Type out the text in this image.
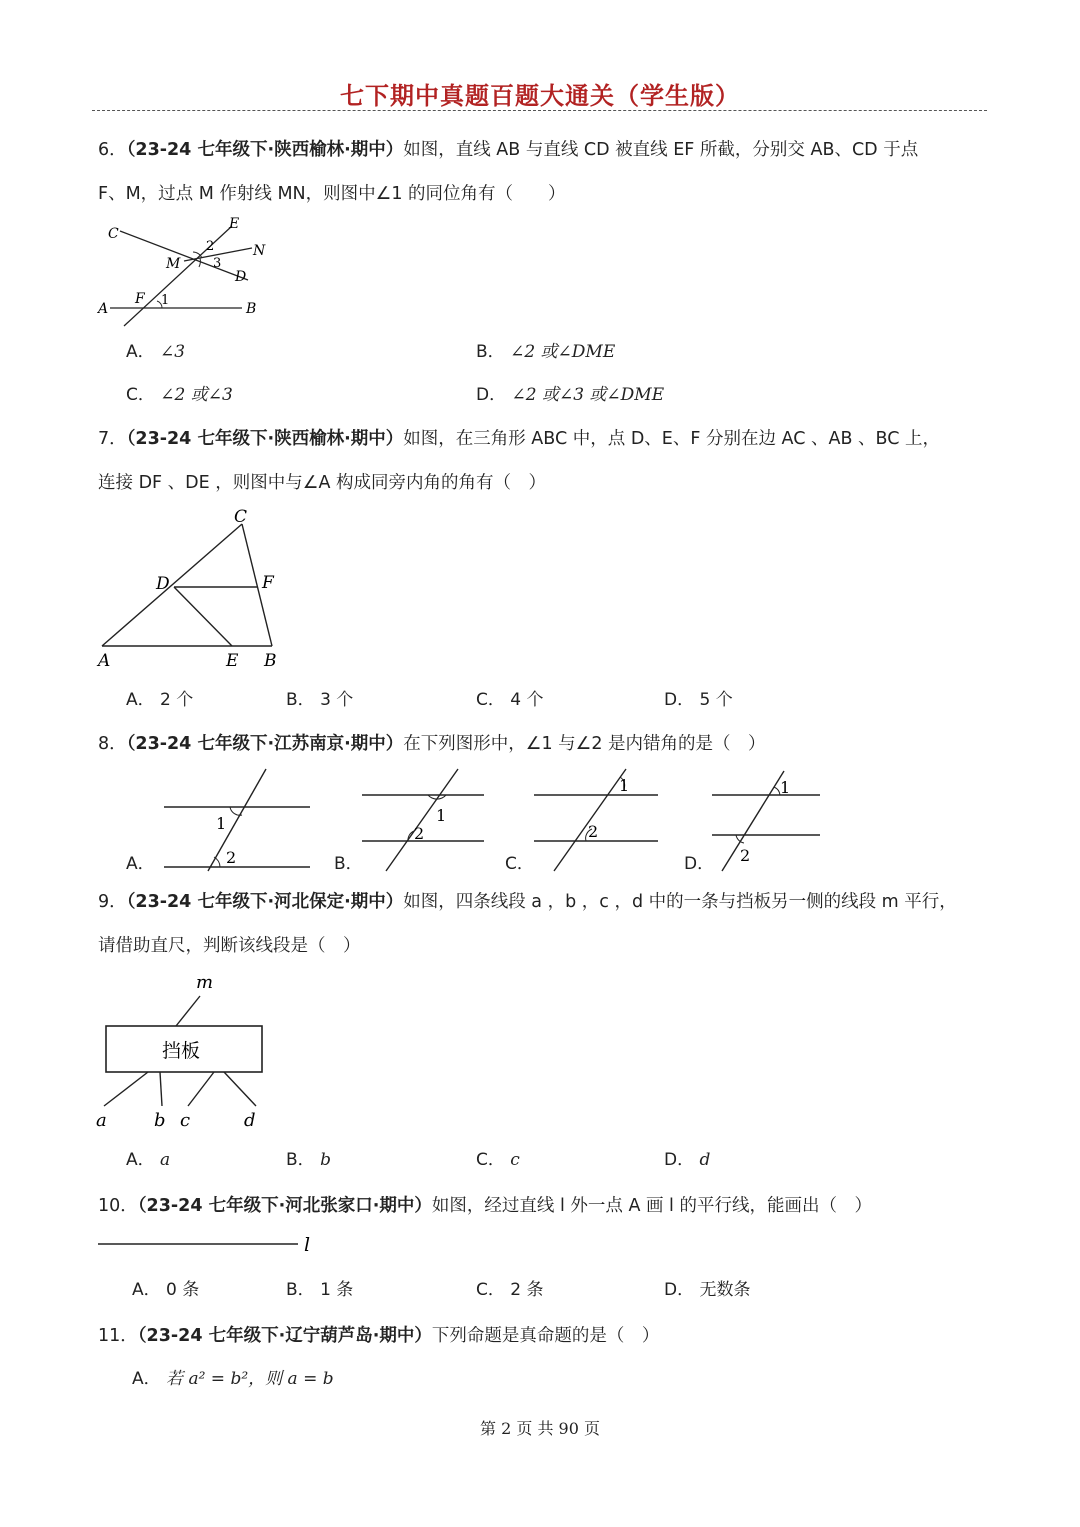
七下期中真题百题大通关（学生版）
6．（23-24 七年级下·陕西榆林·期中）如图，直线 AB 与直线 CD 被直线 EF 所截，分别交 AB、CD 于点
F、M，过点 M 作射线 MN，则图中∠1 的同位角有（　　）
C
E
N
M
D
A
F
B
1
2
3
A． ∠3	B． ∠2 或∠DME
C． ∠2 或∠3	D． ∠2 或∠3 或∠DME
7．（23-24 七年级下·陕西榆林·期中）如图，在三角形 ABC 中，点 D、E、F 分别在边 AC 、AB 、BC 上，
连接 DF 、DE ，则图中与∠A 构成同旁内角的角有（　）
C
D	F
A	E B
A． 2 个	B． 3 个	C． 4 个	D． 5 个
8．（23-24 七年级下·江苏南京·期中）在下列图形中，∠1 与∠2 是内错角的是（　）
A．
1
2	B．
1
2
C．
1
2
D．
1
2
9．（23-24 七年级下·河北保定·期中）如图，四条线段 a ，b ，c ，d 中的一条与挡板另一侧的线段 m 平行，
请借助直尺，判断该线段是（　）
m
挡板
a	b c	d
A． a	B． b	C． c	D． d
10．（23-24 七年级下·河北张家口·期中）如图，经过直线 l 外一点 A 画 l 的平行线，能画出（　）
l
A． 0 条	B． 1 条	C． 2 条	D． 无数条
11．（23-24 七年级下·辽宁葫芦岛·期中）下列命题是真命题的是（　）
A． 若 a² = b²，则 a = b
第 2 页 共 90 页
